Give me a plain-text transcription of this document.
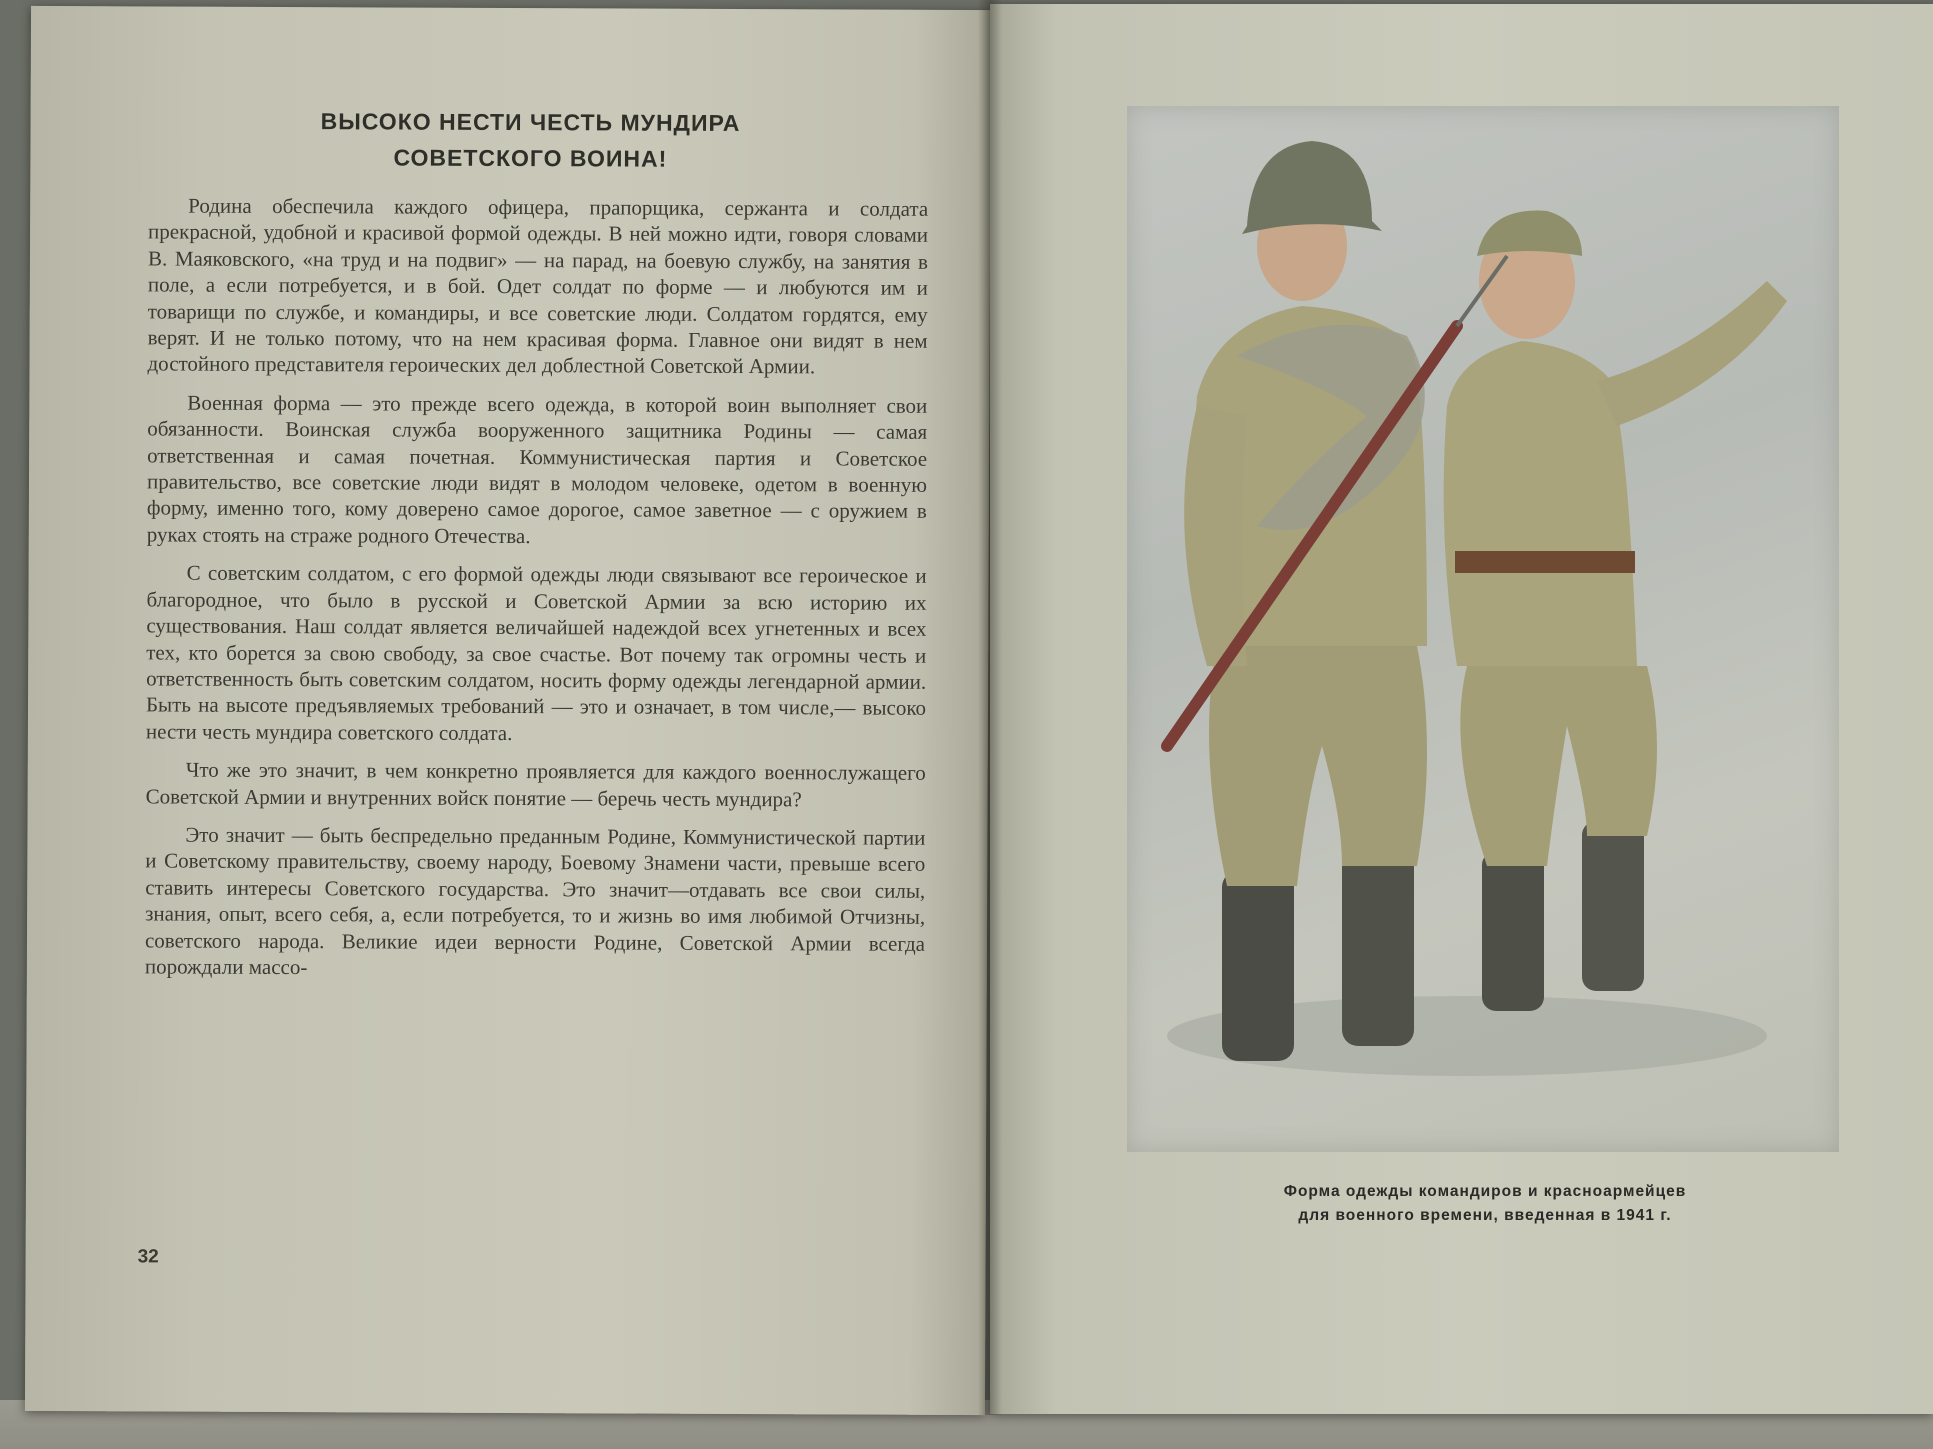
ВЫСОКО НЕСТИ ЧЕСТЬ МУНДИРА
СОВЕТСКОГО ВОИНА!

Родина обеспечила каждого офицера, прапорщика, сержанта и солдата прекрасной, удобной и красивой формой одежды. В ней можно идти, говоря словами В. Маяковского, «на труд и на подвиг» — на парад, на боевую службу, на занятия в поле, а если потребуется, и в бой. Одет солдат по форме — и любуются им и товарищи по службе, и командиры, и все советские люди. Солдатом гордятся, ему верят. И не только потому, что на нем красивая форма. Главное они видят в нем достойного представителя героических дел доблестной Советской Армии.

Военная форма — это прежде всего одежда, в которой воин выполняет свои обязанности. Воинская служба вооруженного защитника Родины — самая ответственная и самая почетная. Коммунистическая партия и Советское правительство, все советские люди видят в молодом человеке, одетом в военную форму, именно того, кому доверено самое дорогое, самое заветное — с оружием в руках стоять на страже родного Отечества.

С советским солдатом, с его формой одежды люди связывают все героическое и благородное, что было в русской и Советской Армии за всю историю их существования. Наш солдат является величайшей надеждой всех угнетенных и всех тех, кто борется за свою свободу, за свое счастье. Вот почему так огромны честь и ответственность быть советским солдатом, носить форму одежды легендарной армии. Быть на высоте предъявляемых требований — это и означает, в том числе,— высоко нести честь мундира советского солдата.

Что же это значит, в чем конкретно проявляется для каждого военнослужащего Советской Армии и внутренних войск понятие — беречь честь мундира?

Это значит — быть беспредельно преданным Родине, Коммунистической партии и Советскому правительству, своему народу, Боевому Знамени части, превыше всего ставить интересы Советского государства. Это значит—отдавать все свои силы, знания, опыт, всего себя, а, если потребуется, то и жизнь во имя любимой Отчизны, советского народа. Великие идеи верности Родине, Советской Армии всегда порождали массо-

32
Форма одежды командиров и красноармейцев
для военного времени, введенная в 1941 г.
